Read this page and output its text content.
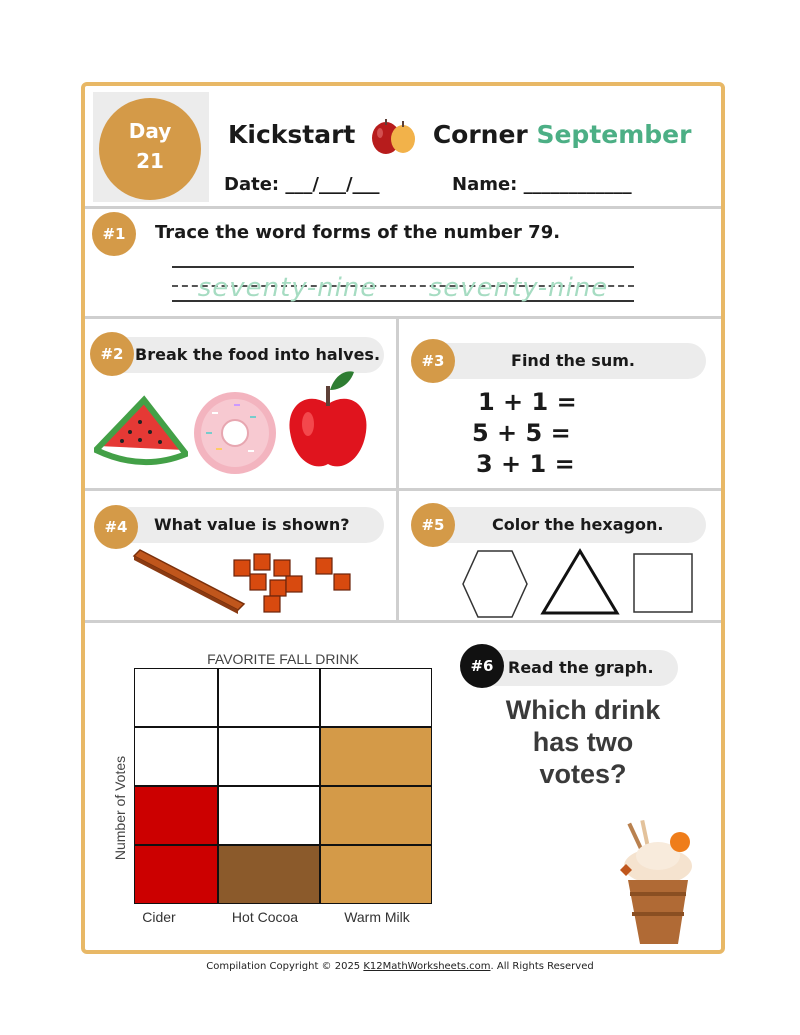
Day
21
Kickstart	Corner September
Date: ___/___/___	Name: ____________
#1	Trace the word forms of the number 79.
seventy-nine seventy-nine
Break the food into halves.
#2	Find the sum.
#3
1 + 1 =
5 + 5 =
3 + 1 =
What value is shown?
#4	Color the hexagon.
#5
FAVORITE FALL DRINK
Number of Votes
Cider	Hot Cocoa	Warm Milk
Read the graph.
#6
Which drink has two votes?
Compilation Copyright © 2025 K12MathWorksheets.com. All Rights Reserved
